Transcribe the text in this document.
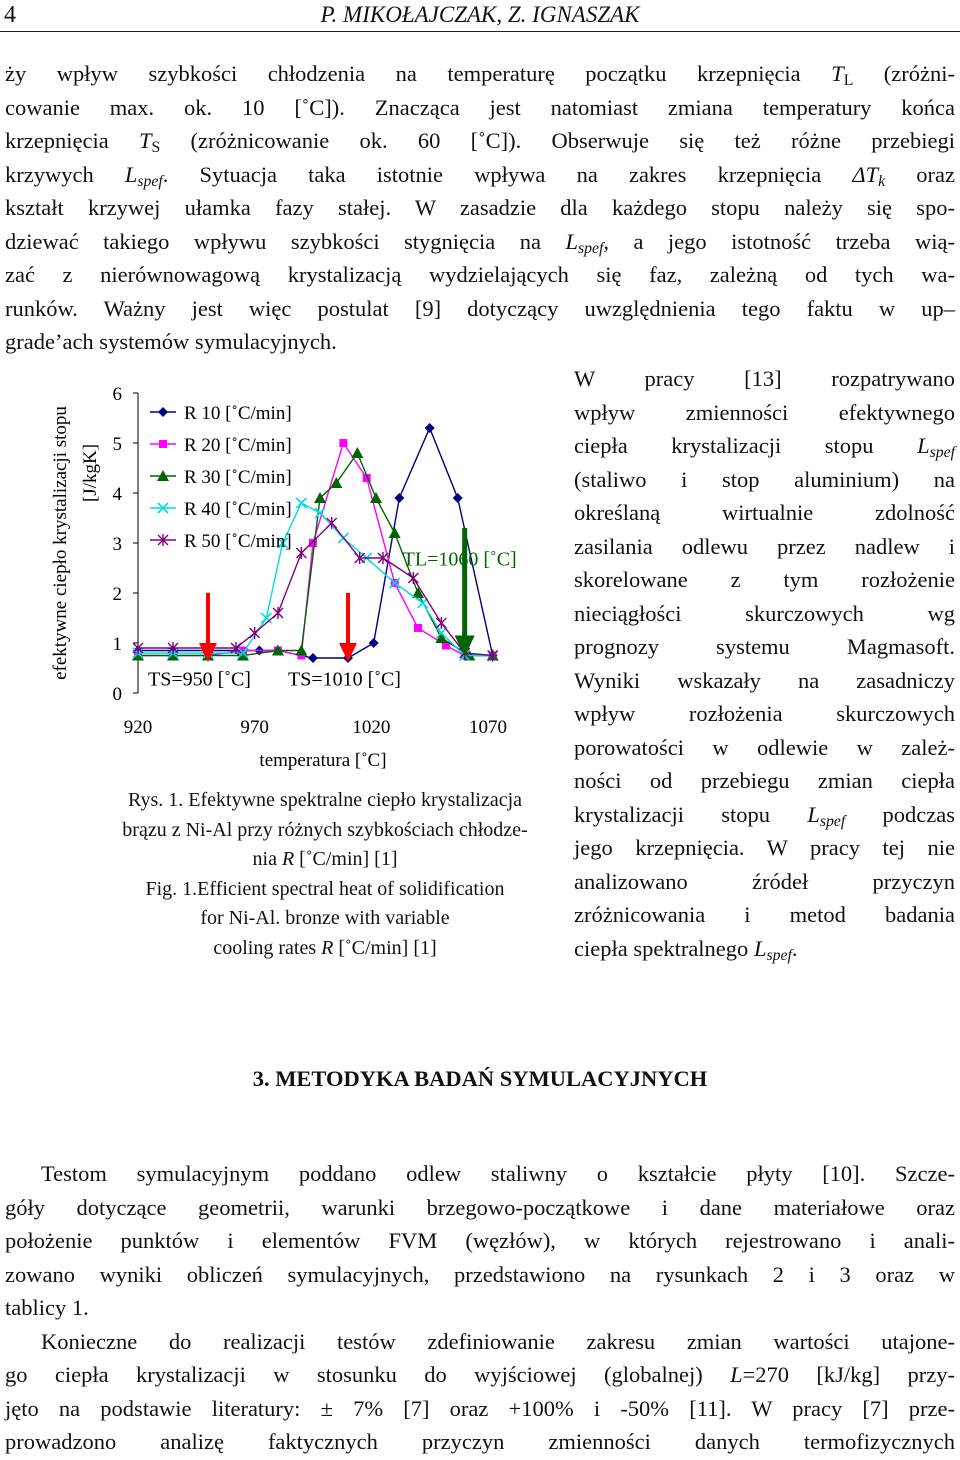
4	P. MIKOŁAJCZAK, Z. IGNASZAK
ży wpływ szybkości chłodzenia na temperaturę początku krzepnięcia $T_L$ (zróżni-
cowanie max. ok. 10 [˚C]). Znacząca jest natomiast zmiana temperatury końca
krzepnięcia $T_S$ (zróżnicowanie ok. 60 [˚C]). Obserwuje się też różne przebiegi
krzywych $L_{spef}$. Sytuacja taka istotnie wpływa na zakres krzepnięcia $\Delta T_k$ oraz
kształt krzywej ułamka fazy stałej. W zasadzie dla każdego stopu należy się spo-
dziewać takiego wpływu szybkości stygnięcia na $L_{spef}$, a jego istotność trzeba wią-
zać z nierównowagową krystalizacją wydzielających się faz, zależną od tych wa-
runków. Ważny jest więc postulat [9] dotyczący uwzględnienia tego faktu w up–
grade’ach systemów symulacyjnych.
0
1
2
3
4
5
6
920	970	1020	1070
temperatura [˚C]
efektywne ciepło krystalizacji stopu [J/kgK]
R 10 [˚C/min]
R 20 [˚C/min]
R 30 [˚C/min]
R 40 [˚C/min]
R 50 [˚C/min]
TL=1060 [˚C]
TS=950 [˚C] TS=1010 [˚C]
Rys. 1. Efektywne spektralne ciepło krystalizacja
brązu z Ni-Al przy różnych szybkościach chłodze-
nia R [˚C/min] [1]
Fig. 1.Efficient spectral heat of solidification
for Ni-Al. bronze with variable
cooling rates R [˚C/min] [1]
W pracy [13] rozpatrywano
wpływ zmienności efektywnego
ciepła krystalizacji stopu $L_{spef}$
(staliwo i stop aluminium) na
określaną wirtualnie zdolność
zasilania odlewu przez nadlew i
skorelowane z tym rozłożenie
nieciągłości skurczowych wg
prognozy systemu Magmasoft.
Wyniki wskazały na zasadniczy
wpływ rozłożenia skurczowych
porowatości w odlewie w zależ-
ności od przebiegu zmian ciepła
krystalizacji stopu $L_{spef}$ podczas
jego krzepnięcia. W pracy tej nie
analizowano źródeł przyczyn
zróżnicowania i metod badania
ciepła spektralnego $L_{spef}$.
3. METODYKA BADAŃ SYMULACYJNYCH
Testom symulacyjnym poddano odlew staliwny o kształcie płyty [10]. Szcze-
góły dotyczące geometrii, warunki brzegowo-początkowe i dane materiałowe oraz
położenie punktów i elementów FVM (węzłów), w których rejestrowano i anali-
zowano wyniki obliczeń symulacyjnych, przedstawiono na rysunkach 2 i 3 oraz w
tablicy 1.
Konieczne do realizacji testów zdefiniowanie zakresu zmian wartości utajone-
go ciepła krystalizacji w stosunku do wyjściowej (globalnej) L=270 [kJ/kg] przy-
jęto na podstawie literatury: ± 7% [7] oraz +100% i -50% [11]. W pracy [7] prze-
prowadzono analizę faktycznych przyczyn zmienności danych termofizycznych
